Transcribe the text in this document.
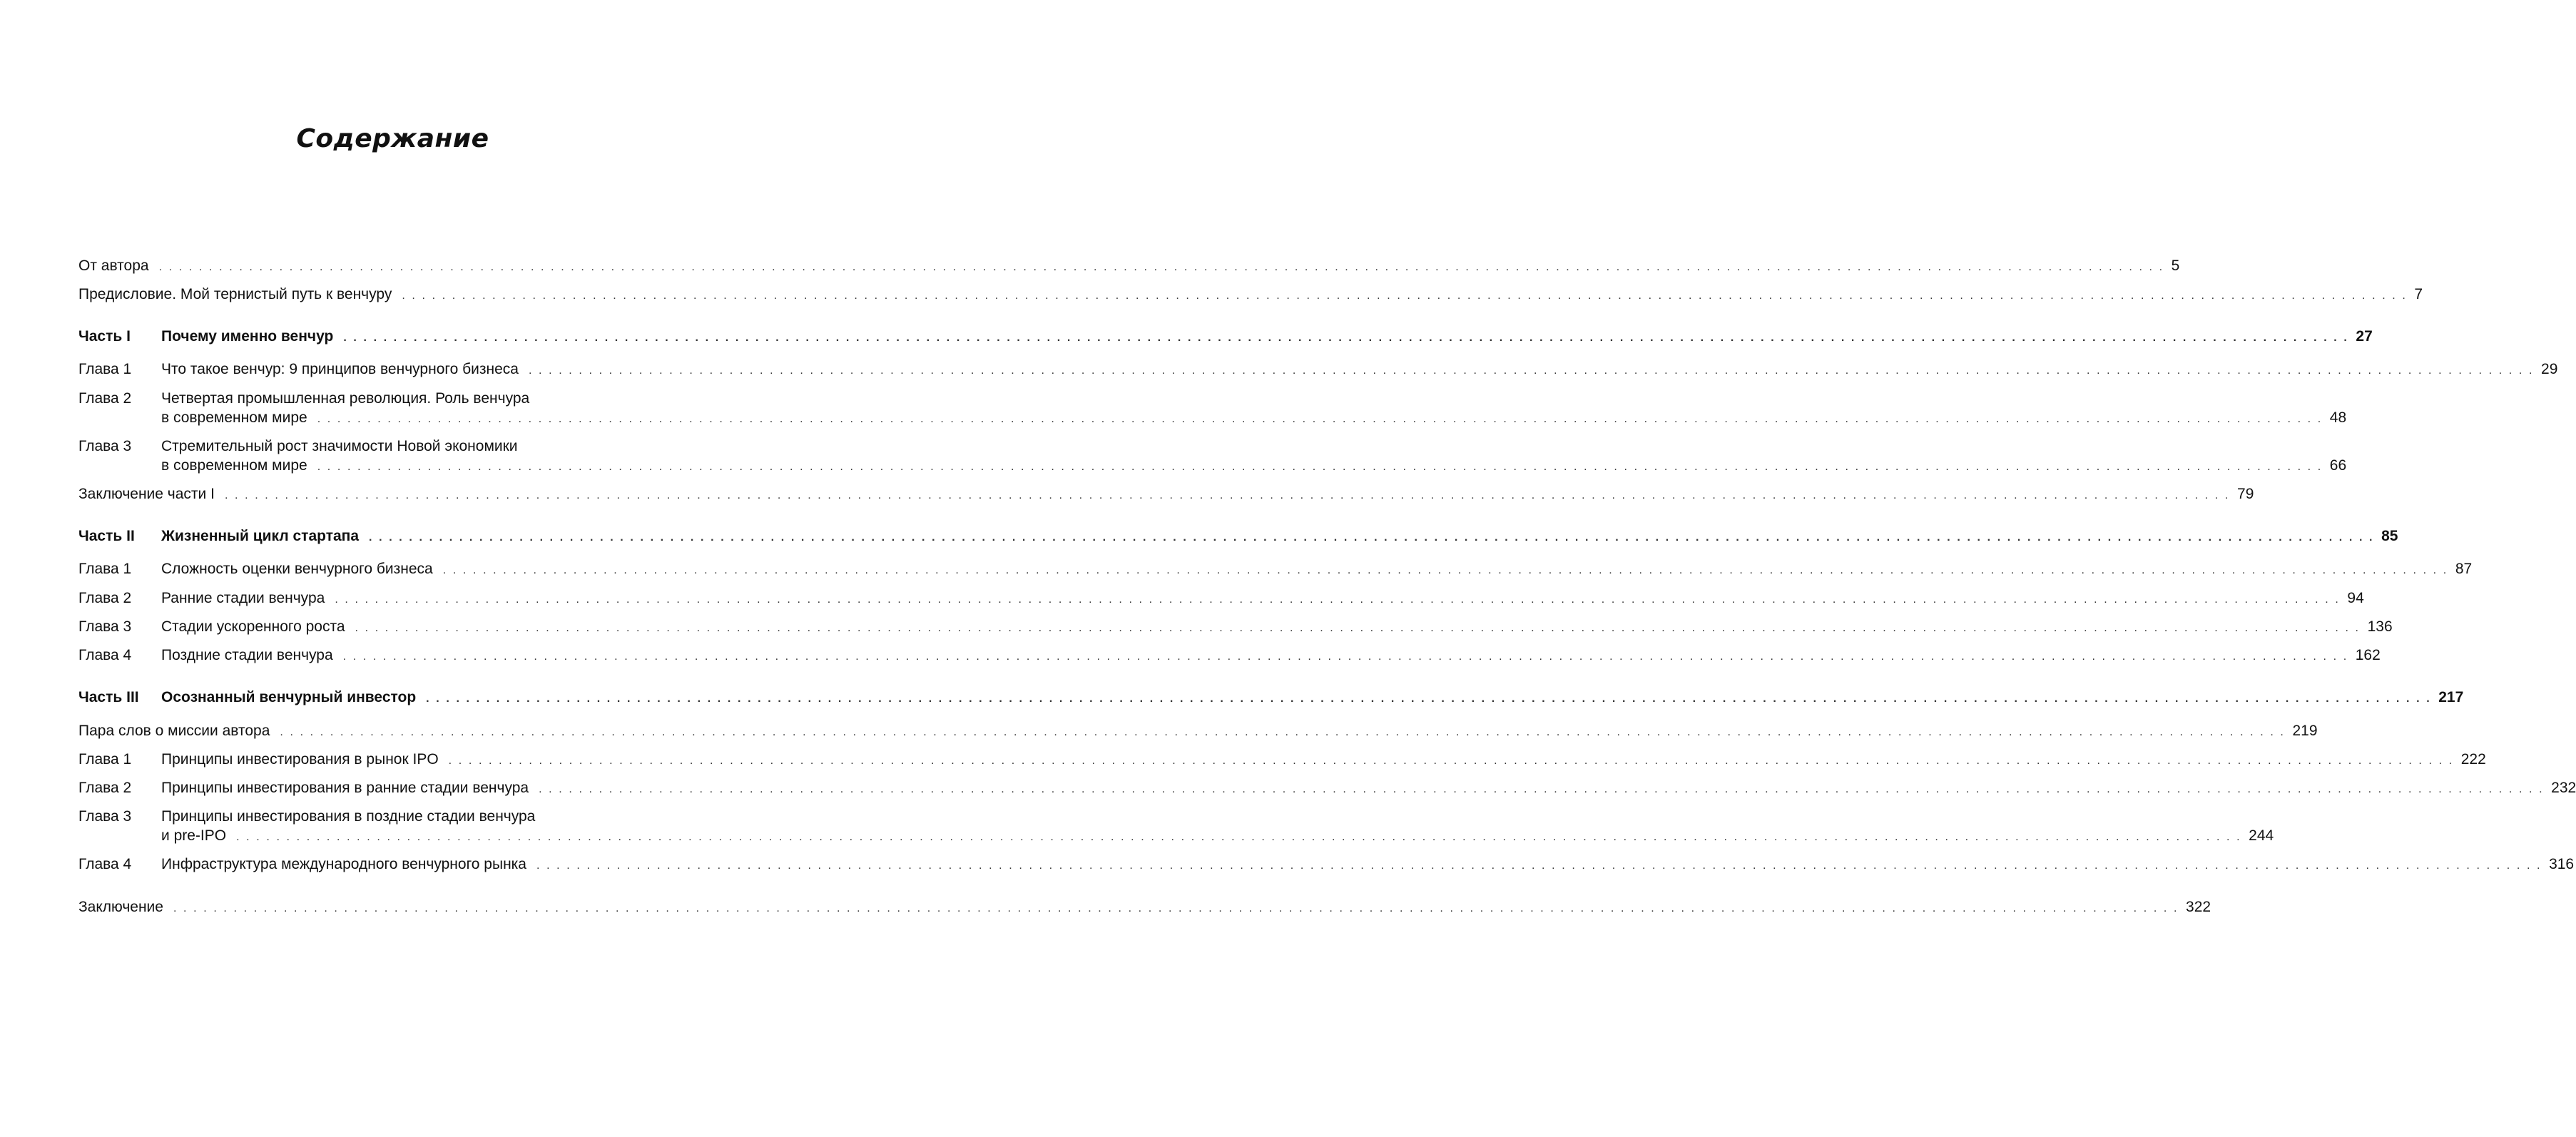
Содержание
От автора . . . . . . . . . . . . . . . . . . . . . . . . . . . . . . . . . . . . . . . . . . . . . . . . . . . . . . . . . . . . . . . . . . . . . . . . . . . . . . . . . . . . . . . . . . . . . . . . . . . . . . . . . . . . . . . . . . . . . . . . . . . . . . . . . . . . . . . . . . . . . . . . . . . . . . . . . . . . . . . . . . . . . . . . . . . . . . . . . . . . . . . . . . . . . . . . . . . . . . . . 5
Предисловие. Мой тернистый путь к венчуру . . . . . . . . . . . . . . . . . . . . . . . . . . . . . . . . . . . . . . . . . . . . . . . . . . . . . . . . . . . . . . . . . . . . . . . . . . . . . . . . . . . . . . . . . . . . . . . . . . . . . . . . . . . . . . . . . . . . . . . . . . . . . . . . . . . . . . . . . . . . . . . . . . . . . . . . . . . . . . . . . . . . . . . . . . . . . . . . . . . . . . . . . . . . . . . . . . . . . . . . 7
Часть I	Почему именно венчур . . . . . . . . . . . . . . . . . . . . . . . . . . . . . . . . . . . . . . . . . . . . . . . . . . . . . . . . . . . . . . . . . . . . . . . . . . . . . . . . . . . . . . . . . . . . . . . . . . . . . . . . . . . . . . . . . . . . . . . . . . . . . . . . . . . . . . . . . . . . . . . . . . . . . . . . . . . . . . . . . . . . . . . . . . . . . . . . . . . . . . . . . . . . . . . . . . . . . . . . 27
Глава 1	Что такое венчур: 9 принципов венчурного бизнеса . . . . . . . . . . . . . . . . . . . . . . . . . . . . . . . . . . . . . . . . . . . . . . . . . . . . . . . . . . . . . . . . . . . . . . . . . . . . . . . . . . . . . . . . . . . . . . . . . . . . . . . . . . . . . . . . . . . . . . . . . . . . . . . . . . . . . . . . . . . . . . . . . . . . . . . . . . . . . . . . . . . . . . . . . . . . . . . . . . . . . . . . . . . . . . . . . . . . . . . . 29
Глава 2 Четвертая промышленная революция. Роль венчура
в современном мире . . . . . . . . . . . . . . . . . . . . . . . . . . . . . . . . . . . . . . . . . . . . . . . . . . . . . . . . . . . . . . . . . . . . . . . . . . . . . . . . . . . . . . . . . . . . . . . . . . . . . . . . . . . . . . . . . . . . . . . . . . . . . . . . . . . . . . . . . . . . . . . . . . . . . . . . . . . . . . . . . . . . . . . . . . . . . . . . . . . . . . . . . . . . . . . . . . . . . . . . 48
Глава 3 Стремительный рост значимости Новой экономики
в современном мире . . . . . . . . . . . . . . . . . . . . . . . . . . . . . . . . . . . . . . . . . . . . . . . . . . . . . . . . . . . . . . . . . . . . . . . . . . . . . . . . . . . . . . . . . . . . . . . . . . . . . . . . . . . . . . . . . . . . . . . . . . . . . . . . . . . . . . . . . . . . . . . . . . . . . . . . . . . . . . . . . . . . . . . . . . . . . . . . . . . . . . . . . . . . . . . . . . . . . . . . 66
Заключение части I . . . . . . . . . . . . . . . . . . . . . . . . . . . . . . . . . . . . . . . . . . . . . . . . . . . . . . . . . . . . . . . . . . . . . . . . . . . . . . . . . . . . . . . . . . . . . . . . . . . . . . . . . . . . . . . . . . . . . . . . . . . . . . . . . . . . . . . . . . . . . . . . . . . . . . . . . . . . . . . . . . . . . . . . . . . . . . . . . . . . . . . . . . . . . . . . . . . . . . . . 79
Часть II	Жизненный цикл стартапа . . . . . . . . . . . . . . . . . . . . . . . . . . . . . . . . . . . . . . . . . . . . . . . . . . . . . . . . . . . . . . . . . . . . . . . . . . . . . . . . . . . . . . . . . . . . . . . . . . . . . . . . . . . . . . . . . . . . . . . . . . . . . . . . . . . . . . . . . . . . . . . . . . . . . . . . . . . . . . . . . . . . . . . . . . . . . . . . . . . . . . . . . . . . . . . . . . . . . . . . 85
Глава 1	Сложность оценки венчурного бизнеса . . . . . . . . . . . . . . . . . . . . . . . . . . . . . . . . . . . . . . . . . . . . . . . . . . . . . . . . . . . . . . . . . . . . . . . . . . . . . . . . . . . . . . . . . . . . . . . . . . . . . . . . . . . . . . . . . . . . . . . . . . . . . . . . . . . . . . . . . . . . . . . . . . . . . . . . . . . . . . . . . . . . . . . . . . . . . . . . . . . . . . . . . . . . . . . . . . . . . . . . 87
Глава 2	Ранние стадии венчура . . . . . . . . . . . . . . . . . . . . . . . . . . . . . . . . . . . . . . . . . . . . . . . . . . . . . . . . . . . . . . . . . . . . . . . . . . . . . . . . . . . . . . . . . . . . . . . . . . . . . . . . . . . . . . . . . . . . . . . . . . . . . . . . . . . . . . . . . . . . . . . . . . . . . . . . . . . . . . . . . . . . . . . . . . . . . . . . . . . . . . . . . . . . . . . . . . . . . . . . 94
Глава 3	Стадии ускоренного роста . . . . . . . . . . . . . . . . . . . . . . . . . . . . . . . . . . . . . . . . . . . . . . . . . . . . . . . . . . . . . . . . . . . . . . . . . . . . . . . . . . . . . . . . . . . . . . . . . . . . . . . . . . . . . . . . . . . . . . . . . . . . . . . . . . . . . . . . . . . . . . . . . . . . . . . . . . . . . . . . . . . . . . . . . . . . . . . . . . . . . . . . . . . . . . . . . . . . . . . . 136
Глава 4	Поздние стадии венчура . . . . . . . . . . . . . . . . . . . . . . . . . . . . . . . . . . . . . . . . . . . . . . . . . . . . . . . . . . . . . . . . . . . . . . . . . . . . . . . . . . . . . . . . . . . . . . . . . . . . . . . . . . . . . . . . . . . . . . . . . . . . . . . . . . . . . . . . . . . . . . . . . . . . . . . . . . . . . . . . . . . . . . . . . . . . . . . . . . . . . . . . . . . . . . . . . . . . . . . . 162
Часть III	Осознанный венчурный инвестор . . . . . . . . . . . . . . . . . . . . . . . . . . . . . . . . . . . . . . . . . . . . . . . . . . . . . . . . . . . . . . . . . . . . . . . . . . . . . . . . . . . . . . . . . . . . . . . . . . . . . . . . . . . . . . . . . . . . . . . . . . . . . . . . . . . . . . . . . . . . . . . . . . . . . . . . . . . . . . . . . . . . . . . . . . . . . . . . . . . . . . . . . . . . . . . . . . . . . . . . 217
Пара слов о миссии автора . . . . . . . . . . . . . . . . . . . . . . . . . . . . . . . . . . . . . . . . . . . . . . . . . . . . . . . . . . . . . . . . . . . . . . . . . . . . . . . . . . . . . . . . . . . . . . . . . . . . . . . . . . . . . . . . . . . . . . . . . . . . . . . . . . . . . . . . . . . . . . . . . . . . . . . . . . . . . . . . . . . . . . . . . . . . . . . . . . . . . . . . . . . . . . . . . . . . . . . . 219
Глава 1	Принципы инвестирования в рынок IPO . . . . . . . . . . . . . . . . . . . . . . . . . . . . . . . . . . . . . . . . . . . . . . . . . . . . . . . . . . . . . . . . . . . . . . . . . . . . . . . . . . . . . . . . . . . . . . . . . . . . . . . . . . . . . . . . . . . . . . . . . . . . . . . . . . . . . . . . . . . . . . . . . . . . . . . . . . . . . . . . . . . . . . . . . . . . . . . . . . . . . . . . . . . . . . . . . . . . . . . . 222
Глава 2	Принципы инвестирования в ранние стадии венчура . . . . . . . . . . . . . . . . . . . . . . . . . . . . . . . . . . . . . . . . . . . . . . . . . . . . . . . . . . . . . . . . . . . . . . . . . . . . . . . . . . . . . . . . . . . . . . . . . . . . . . . . . . . . . . . . . . . . . . . . . . . . . . . . . . . . . . . . . . . . . . . . . . . . . . . . . . . . . . . . . . . . . . . . . . . . . . . . . . . . . . . . . . . . . . . . . . . . . . . . 232
Глава 3 Принципы инвестирования в поздние стадии венчура
и pre-IPO . . . . . . . . . . . . . . . . . . . . . . . . . . . . . . . . . . . . . . . . . . . . . . . . . . . . . . . . . . . . . . . . . . . . . . . . . . . . . . . . . . . . . . . . . . . . . . . . . . . . . . . . . . . . . . . . . . . . . . . . . . . . . . . . . . . . . . . . . . . . . . . . . . . . . . . . . . . . . . . . . . . . . . . . . . . . . . . . . . . . . . . . . . . . . . . . . . . . . . . . 244
Глава 4	Инфраструктура международного венчурного рынка . . . . . . . . . . . . . . . . . . . . . . . . . . . . . . . . . . . . . . . . . . . . . . . . . . . . . . . . . . . . . . . . . . . . . . . . . . . . . . . . . . . . . . . . . . . . . . . . . . . . . . . . . . . . . . . . . . . . . . . . . . . . . . . . . . . . . . . . . . . . . . . . . . . . . . . . . . . . . . . . . . . . . . . . . . . . . . . . . . . . . . . . . . . . . . . . . . . . . . . . 316
Заключение . . . . . . . . . . . . . . . . . . . . . . . . . . . . . . . . . . . . . . . . . . . . . . . . . . . . . . . . . . . . . . . . . . . . . . . . . . . . . . . . . . . . . . . . . . . . . . . . . . . . . . . . . . . . . . . . . . . . . . . . . . . . . . . . . . . . . . . . . . . . . . . . . . . . . . . . . . . . . . . . . . . . . . . . . . . . . . . . . . . . . . . . . . . . . . . . . . . . . . . . 322
